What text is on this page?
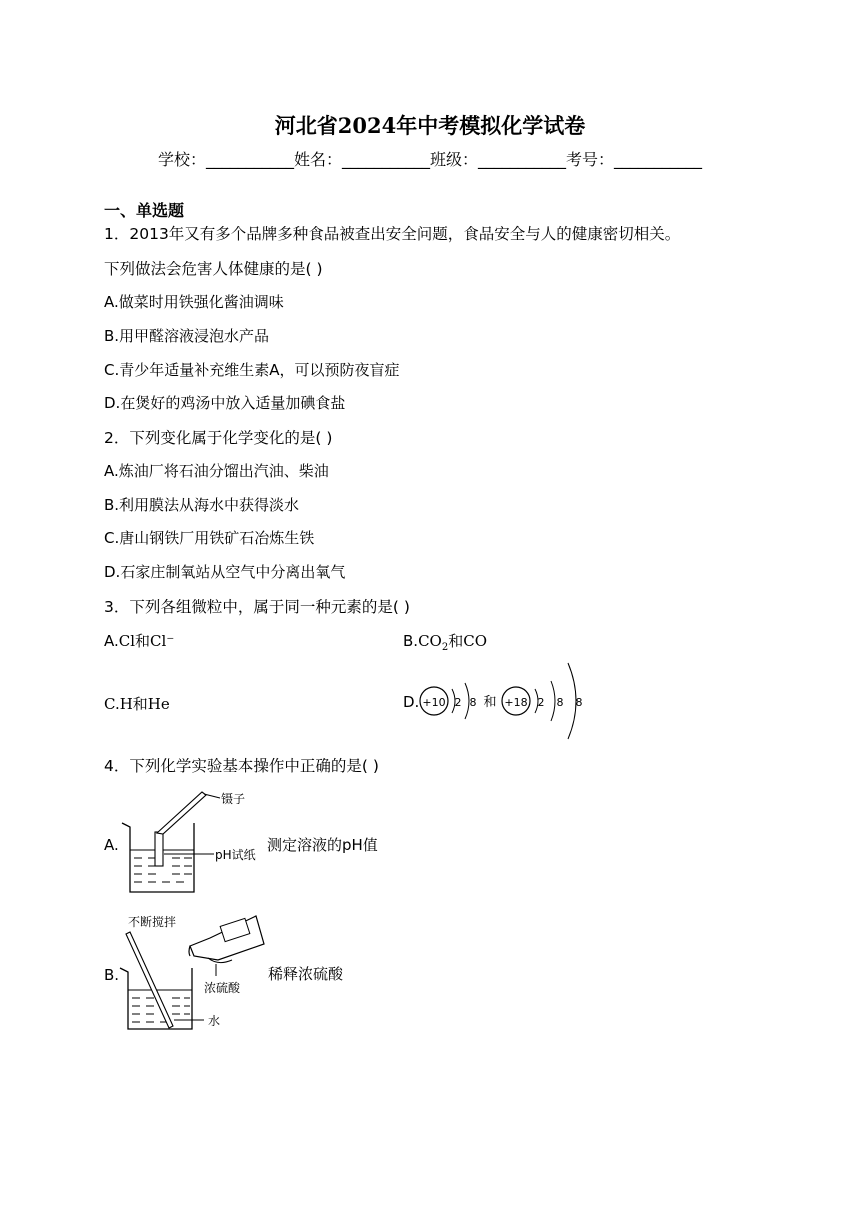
河北省2024年中考模拟化学试卷
学校：___________姓名：___________班级：___________考号：___________
一、单选题
1．2013年又有多个品牌多种食品被查出安全问题，食品安全与人的健康密切相关。
下列做法会危害人体健康的是( )
A.做菜时用铁强化酱油调味
B.用甲醛溶液浸泡水产品
C.青少年适量补充维生素A，可以预防夜盲症
D.在煲好的鸡汤中放入适量加碘食盐
2．下列变化属于化学变化的是( )
A.炼油厂将石油分馏出汽油、柴油
B.利用膜法从海水中获得淡水
C.唐山钢铁厂用铁矿石冶炼生铁
D.石家庄制氧站从空气中分离出氧气
3．下列各组微粒中，属于同一种元素的是( )
A.Cl和Cl⁻	$B.CO_2$和CO
C.H和He	D. +10 2 8 和 +18 2 8 8
4．下列化学实验基本操作中正确的是( )
A.
镊子
pH试纸
测定溶液的pH值
B.
不断搅拌
浓硫酸
水
稀释浓硫酸
